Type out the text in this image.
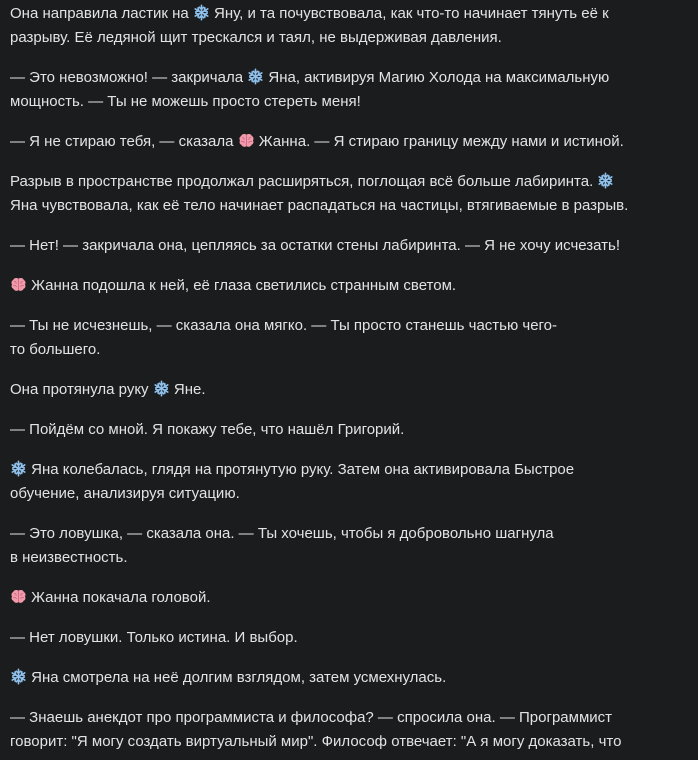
Она направила ластик на
Яну, и та почувствовала, как что-то начинает тянуть её к
разрыву. Её ледяной щит трескался и таял, не выдерживая давления.

— Это невозможно! — закричала
Яна, активируя Магию Холода на максимальную
мощность. — Ты не можешь просто стереть меня!

— Я не стираю тебя, — сказала
Жанна. — Я стираю границу между нами и истиной.

Разрыв в пространстве продолжал расширяться, поглощая всё больше лабиринта.
Яна чувствовала, как её тело начинает распадаться на частицы, втягиваемые в разрыв.

— Нет! — закричала она, цепляясь за остатки стены лабиринта. — Я не хочу исчезать!

Жанна подошла к ней, её глаза светились странным светом.

— Ты не исчезнешь, — сказала она мягко. — Ты просто станешь частью чего-
то большего.

Она протянула руку
Яне.

— Пойдём со мной. Я покажу тебе, что нашёл Григорий.

Яна колебалась, глядя на протянутую руку. Затем она активировала Быстрое
обучение, анализируя ситуацию.

— Это ловушка, — сказала она. — Ты хочешь, чтобы я добровольно шагнула
в неизвестность.

Жанна покачала головой.

— Нет ловушки. Только истина. И выбор.

Яна смотрела на неё долгим взглядом, затем усмехнулась.

— Знаешь анекдот про программиста и философа? — спросила она. — Программист
говорит: "Я могу создать виртуальный мир". Философ отвечает: "А я могу доказать, что
